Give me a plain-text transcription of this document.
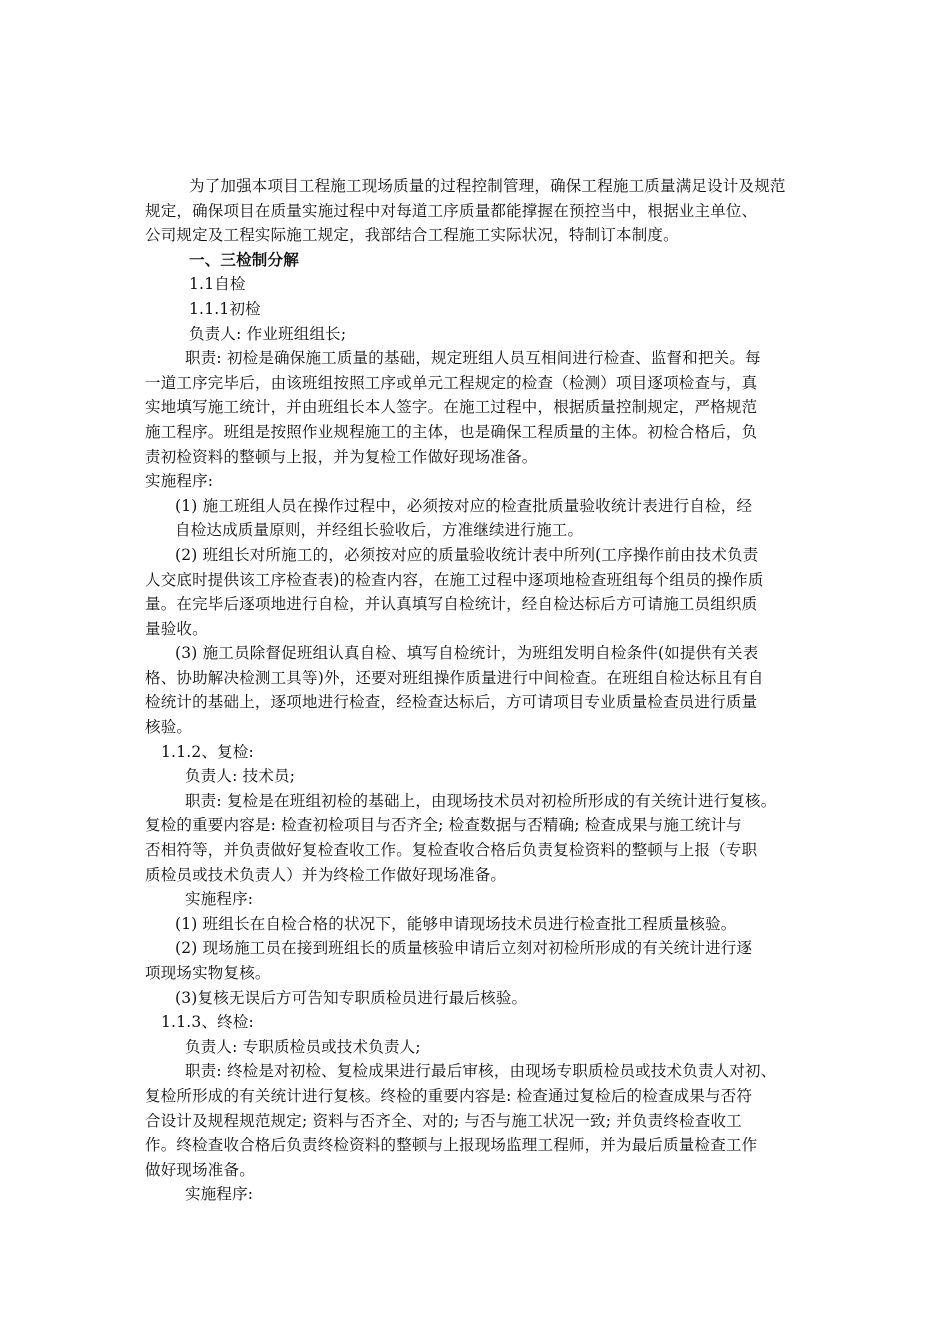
为了加强本项目工程施工现场质量的过程控制管理，确保工程施工质量满足设计及规范
规定，确保项目在质量实施过程中对每道工序质量都能撑握在预控当中，根据业主单位、
公司规定及工程实际施工规定，我部结合工程施工实际状况，特制订本制度。
一、三检制分解
1.1自检
1.1.1初检
负责人: 作业班组组长;
职责: 初检是确保施工质量的基础，规定班组人员互相间进行检查、监督和把关。每
一道工序完毕后，由该班组按照工序或单元工程规定的检查（检测）项目逐项检查与，真
实地填写施工统计，并由班组长本人签字。在施工过程中，根据质量控制规定，严格规范
施工程序。班组是按照作业规程施工的主体，也是确保工程质量的主体。初检合格后，负
责初检资料的整顿与上报，并为复检工作做好现场准备。
实施程序:
(1) 施工班组人员在操作过程中，必须按对应的检查批质量验收统计表进行自检，经
自检达成质量原则，并经组长验收后，方准继续进行施工。
(2) 班组长对所施工的，必须按对应的质量验收统计表中所列(工序操作前由技术负责
人交底时提供该工序检查表)的检查内容，在施工过程中逐项地检查班组每个组员的操作质
量。在完毕后逐项地进行自检，并认真填写自检统计，经自检达标后方可请施工员组织质
量验收。
(3) 施工员除督促班组认真自检、填写自检统计，为班组发明自检条件(如提供有关表
格、协助解决检测工具等)外，还要对班组操作质量进行中间检查。在班组自检达标且有自
检统计的基础上，逐项地进行检查，经检查达标后，方可请项目专业质量检查员进行质量
核验。
1.1.2、复检:
负责人: 技术员;
职责: 复检是在班组初检的基础上，由现场技术员对初检所形成的有关统计进行复核。
复检的重要内容是: 检查初检项目与否齐全; 检查数据与否精确; 检查成果与施工统计与
否相符等，并负责做好复检查收工作。复检查收合格后负责复检资料的整顿与上报（专职
质检员或技术负责人）并为终检工作做好现场准备。
实施程序:
(1) 班组长在自检合格的状况下，能够申请现场技术员进行检查批工程质量核验。
(2) 现场施工员在接到班组长的质量核验申请后立刻对初检所形成的有关统计进行逐
项现场实物复核。
(3)复核无误后方可告知专职质检员进行最后核验。
1.1.3、终检:
负责人: 专职质检员或技术负责人;
职责: 终检是对初检、复检成果进行最后审核，由现场专职质检员或技术负责人对初、
复检所形成的有关统计进行复核。终检的重要内容是: 检查通过复检后的检查成果与否符
合设计及规程规范规定; 资料与否齐全、对的; 与否与施工状况一致; 并负责终检查收工
作。终检查收合格后负责终检资料的整顿与上报现场监理工程师，并为最后质量检查工作
做好现场准备。
实施程序:
